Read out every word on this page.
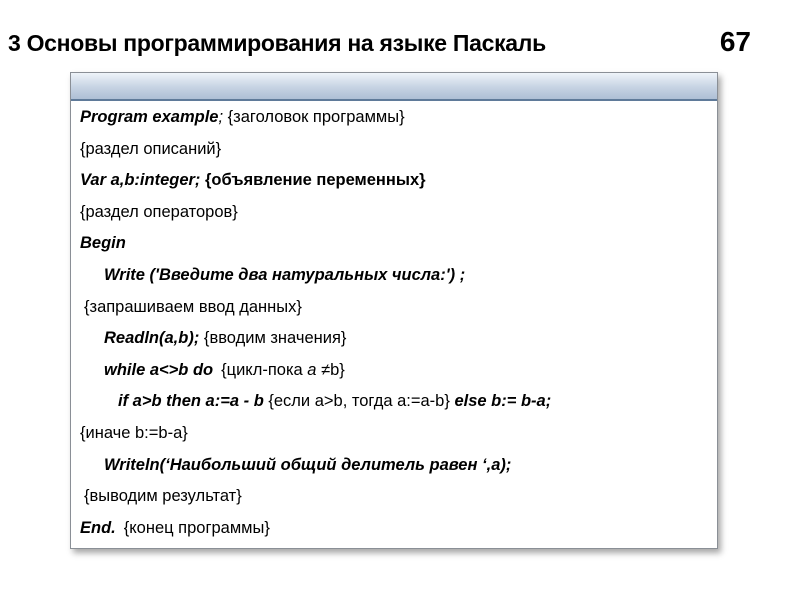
3 Основы программирования на языке Паскаль	67
Program example; {заголовок программы}
{раздел описаний}
Var a,b:integer; {объявление переменных}
{раздел операторов}
Begin
Write ('Введите два натуральных числа:') ;
{запрашиваем ввод данных}
Readln(a,b); {вводим значения}
while a<>b do {цикл-пока a ≠b}
if a>b then a:=a - b {если a>b, тогда a:=a-b} else b:= b-a;
{иначе b:=b-a}
Writeln(‘Наибольший общий делитель равен ‘,a);
{выводим результат}
End. {конец программы}
